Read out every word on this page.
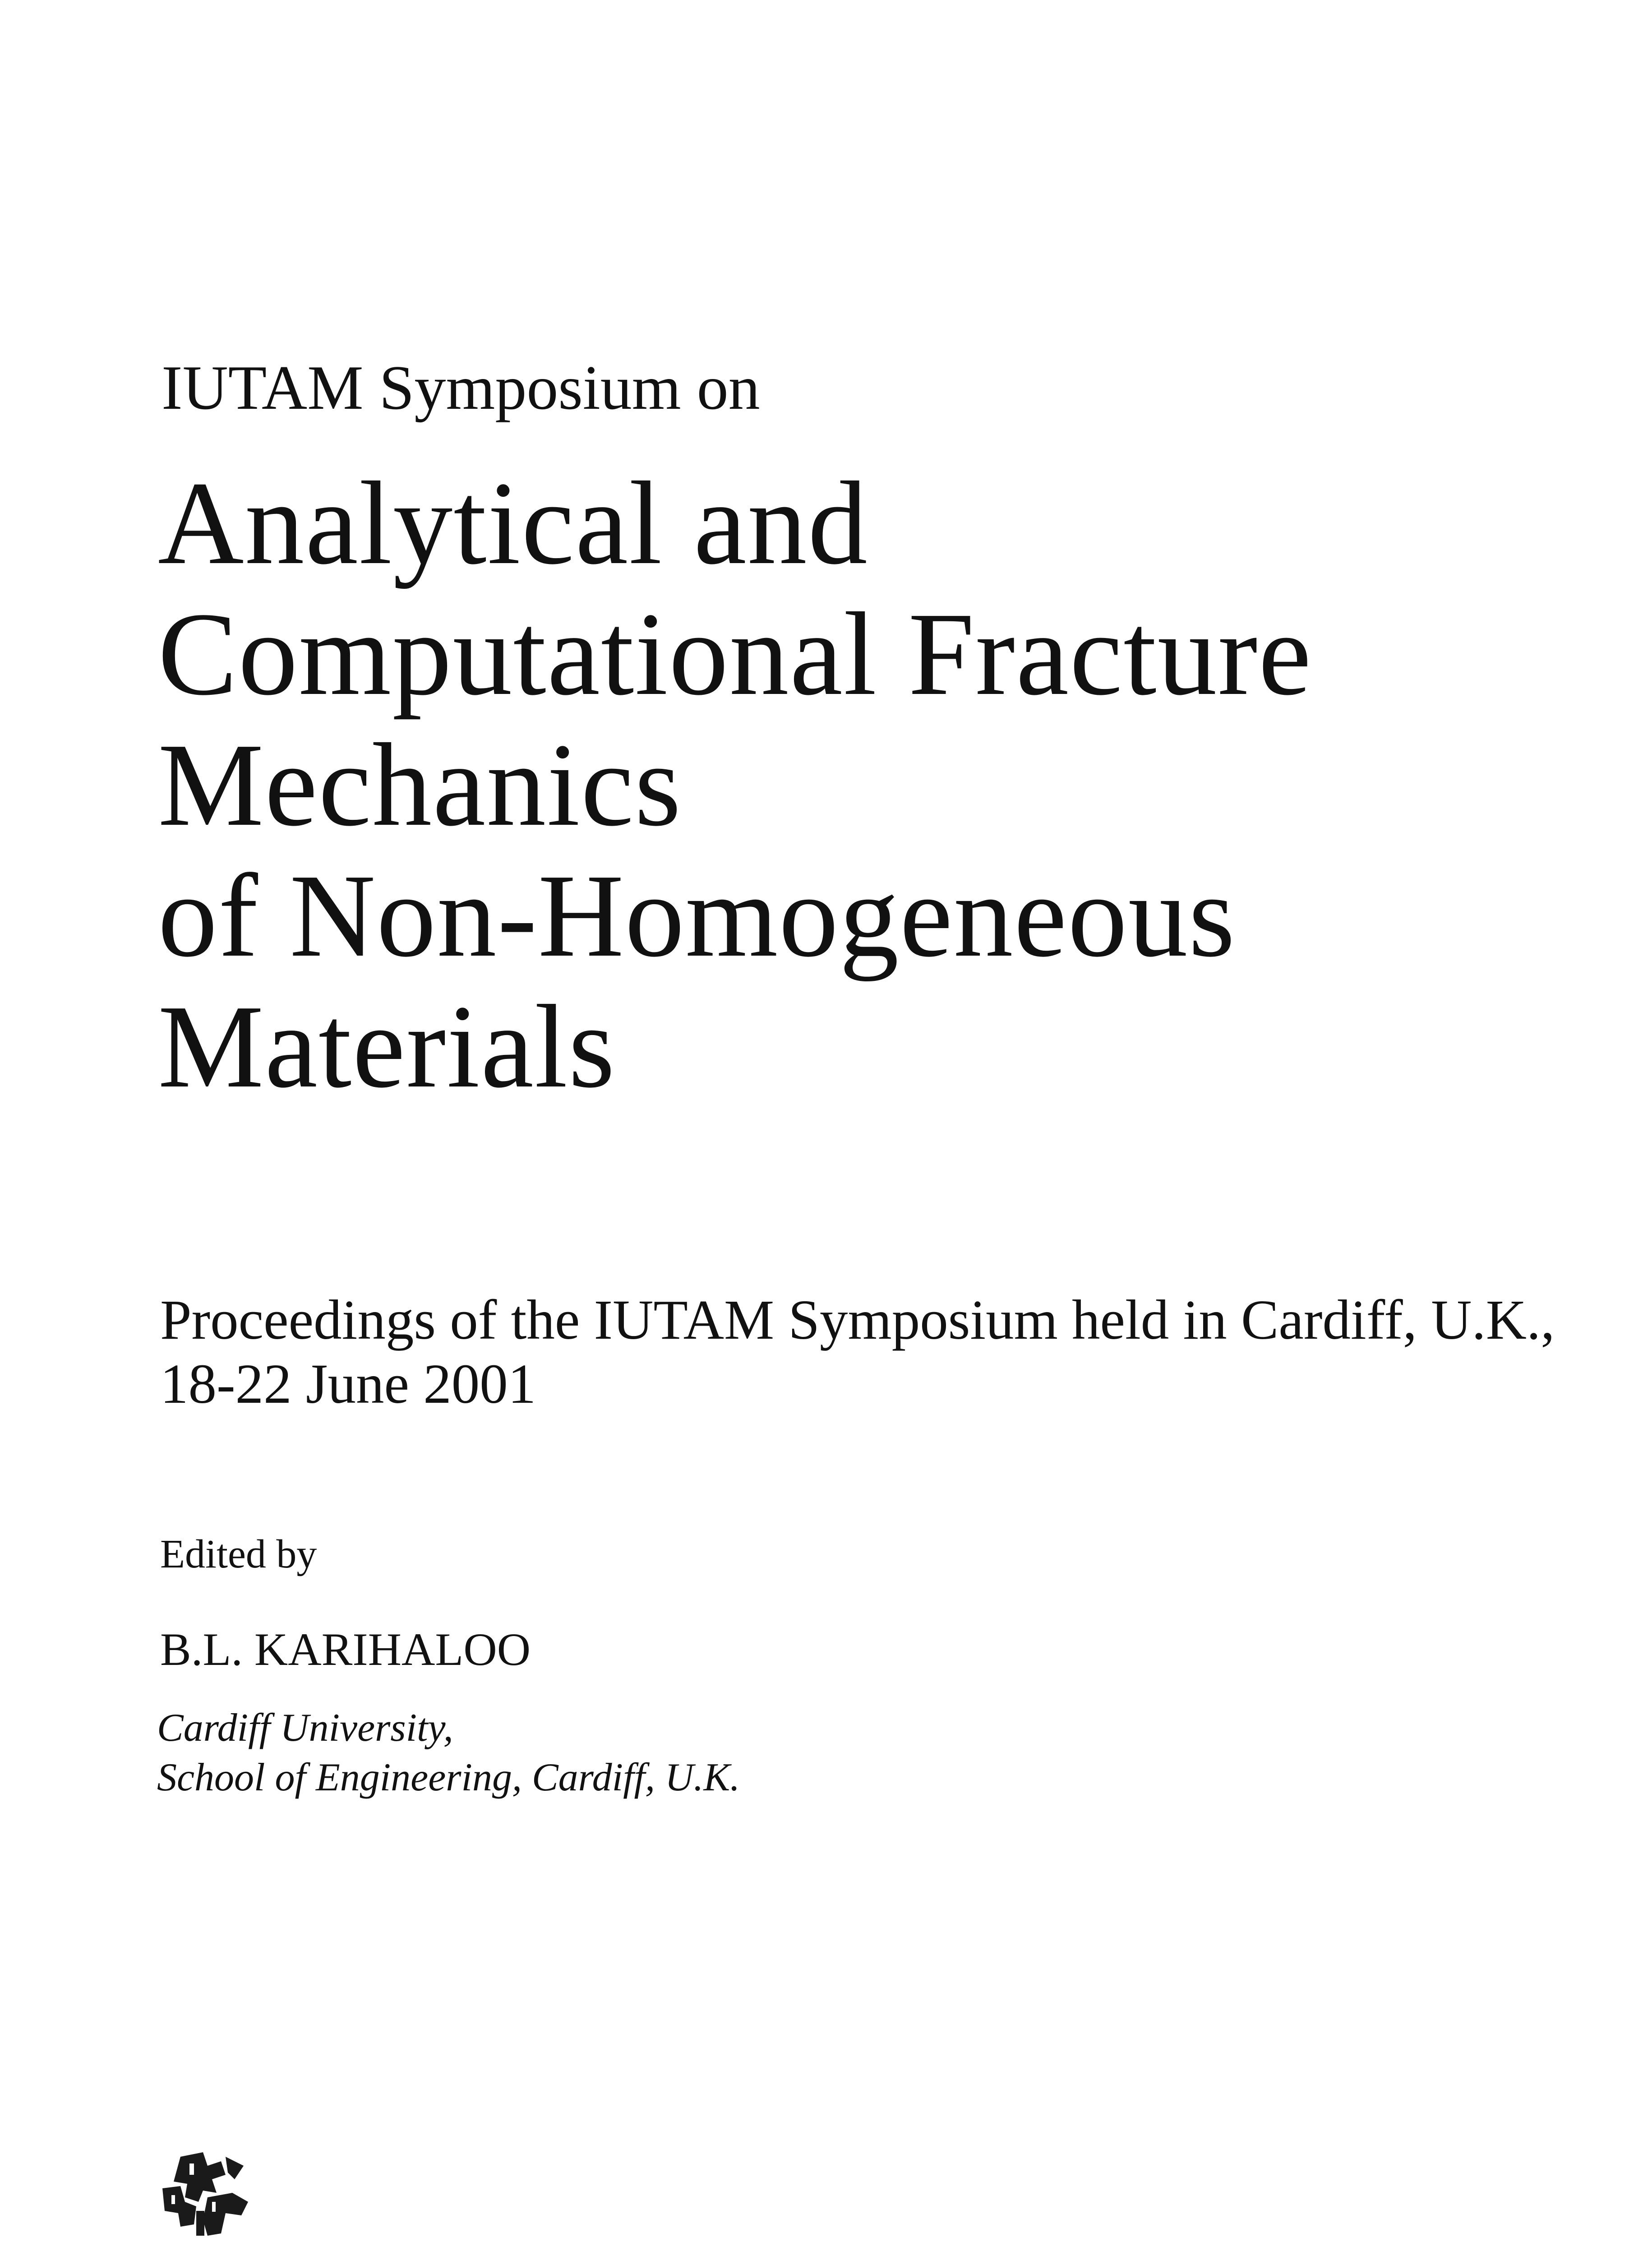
IUTAM Symposium on
Analytical and
Computational Fracture
Mechanics
of Non-Homogeneous
Materials
Proceedings of the IUTAM Symposium held in Cardiff, U.K.,
18-22 June 2001
Edited by
B.L. KARIHALOO
Cardiff University,
School of Engineering, Cardiff, U.K.
